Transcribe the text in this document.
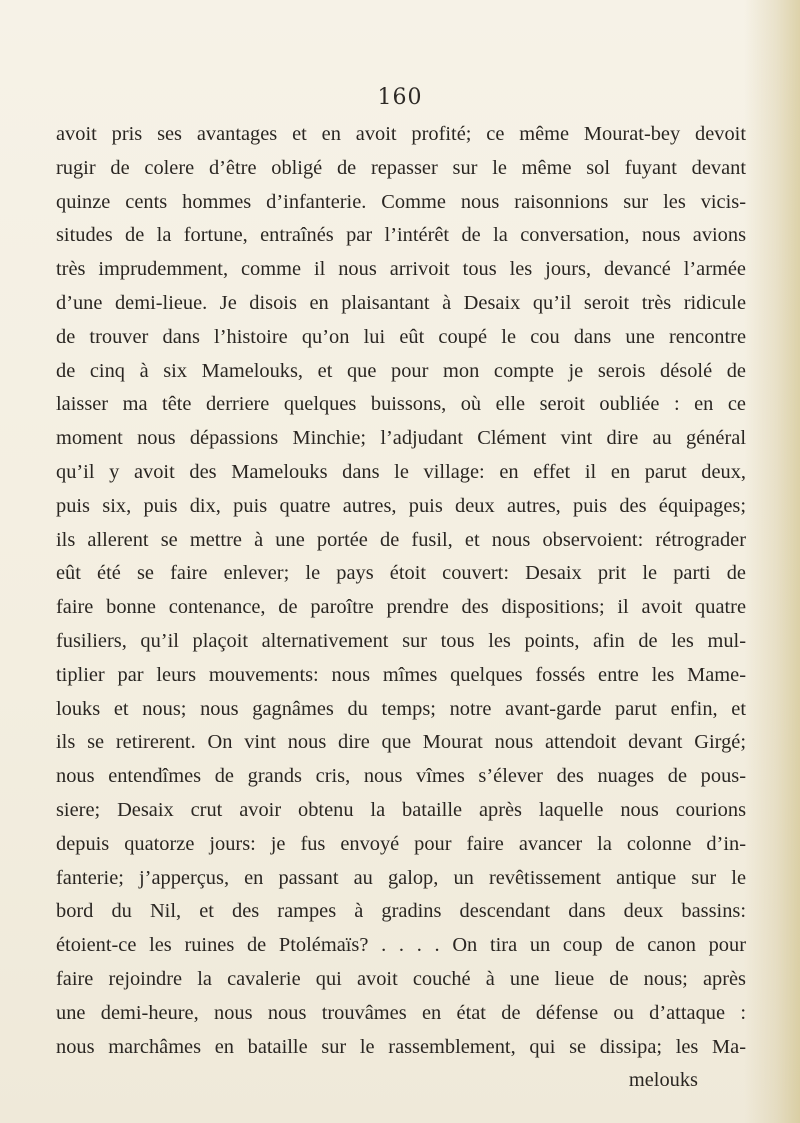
160
avoit pris ses avantages et en avoit profité; ce même Mourat-bey devoit
rugir de colere d’être obligé de repasser sur le même sol fuyant devant
quinze cents hommes d’infanterie. Comme nous raisonnions sur les vicis-
situdes de la fortune, entraînés par l’intérêt de la conversation, nous avions
très imprudemment, comme il nous arrivoit tous les jours, devancé l’armée
d’une demi-lieue. Je disois en plaisantant à Desaix qu’il seroit très ridicule
de trouver dans l’histoire qu’on lui eût coupé le cou dans une rencontre
de cinq à six Mamelouks, et que pour mon compte je serois désolé de
laisser ma tête derriere quelques buissons, où elle seroit oubliée : en ce
moment nous dépassions Minchie; l’adjudant Clément vint dire au général
qu’il y avoit des Mamelouks dans le village: en effet il en parut deux,
puis six, puis dix, puis quatre autres, puis deux autres, puis des équipages;
ils allerent se mettre à une portée de fusil, et nous observoient: rétrograder
eût été se faire enlever; le pays étoit couvert: Desaix prit le parti de
faire bonne contenance, de paroître prendre des dispositions; il avoit quatre
fusiliers, qu’il plaçoit alternativement sur tous les points, afin de les mul-
tiplier par leurs mouvements: nous mîmes quelques fossés entre les Mame-
louks et nous; nous gagnâmes du temps; notre avant-garde parut enfin, et
ils se retirerent. On vint nous dire que Mourat nous attendoit devant Girgé;
nous entendîmes de grands cris, nous vîmes s’élever des nuages de pous-
siere; Desaix crut avoir obtenu la bataille après laquelle nous courions
depuis quatorze jours: je fus envoyé pour faire avancer la colonne d’in-
fanterie; j’apperçus, en passant au galop, un revêtissement antique sur le
bord du Nil, et des rampes à gradins descendant dans deux bassins:
étoient-ce les ruines de Ptolémaïs? . . . . On tira un coup de canon pour
faire rejoindre la cavalerie qui avoit couché à une lieue de nous; après
une demi-heure, nous nous trouvâmes en état de défense ou d’attaque :
nous marchâmes en bataille sur le rassemblement, qui se dissipa; les Ma-
melouks
